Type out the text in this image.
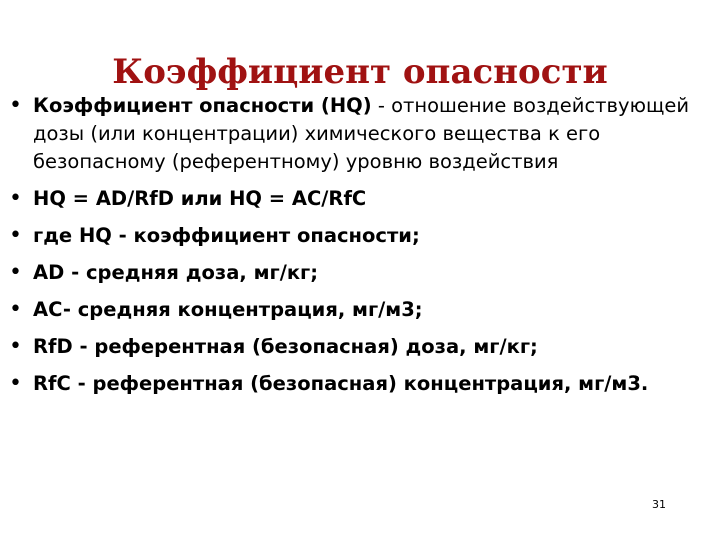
Коэффициент опасности
• Коэффициент опасности (HQ) - отношение воздействующей дозы (или концентрации) химического вещества к его безопасному (референтному) уровню воздействия
• HQ = AD/RfD или HQ = AC/RfC
• где HQ - коэффициент опасности;
• AD - средняя доза, мг/кг;
• AC- средняя концентрация, мг/м3;
• RfD - референтная (безопасная) доза, мг/кг;
• RfC - референтная (безопасная) концентрация, мг/м3.
31
